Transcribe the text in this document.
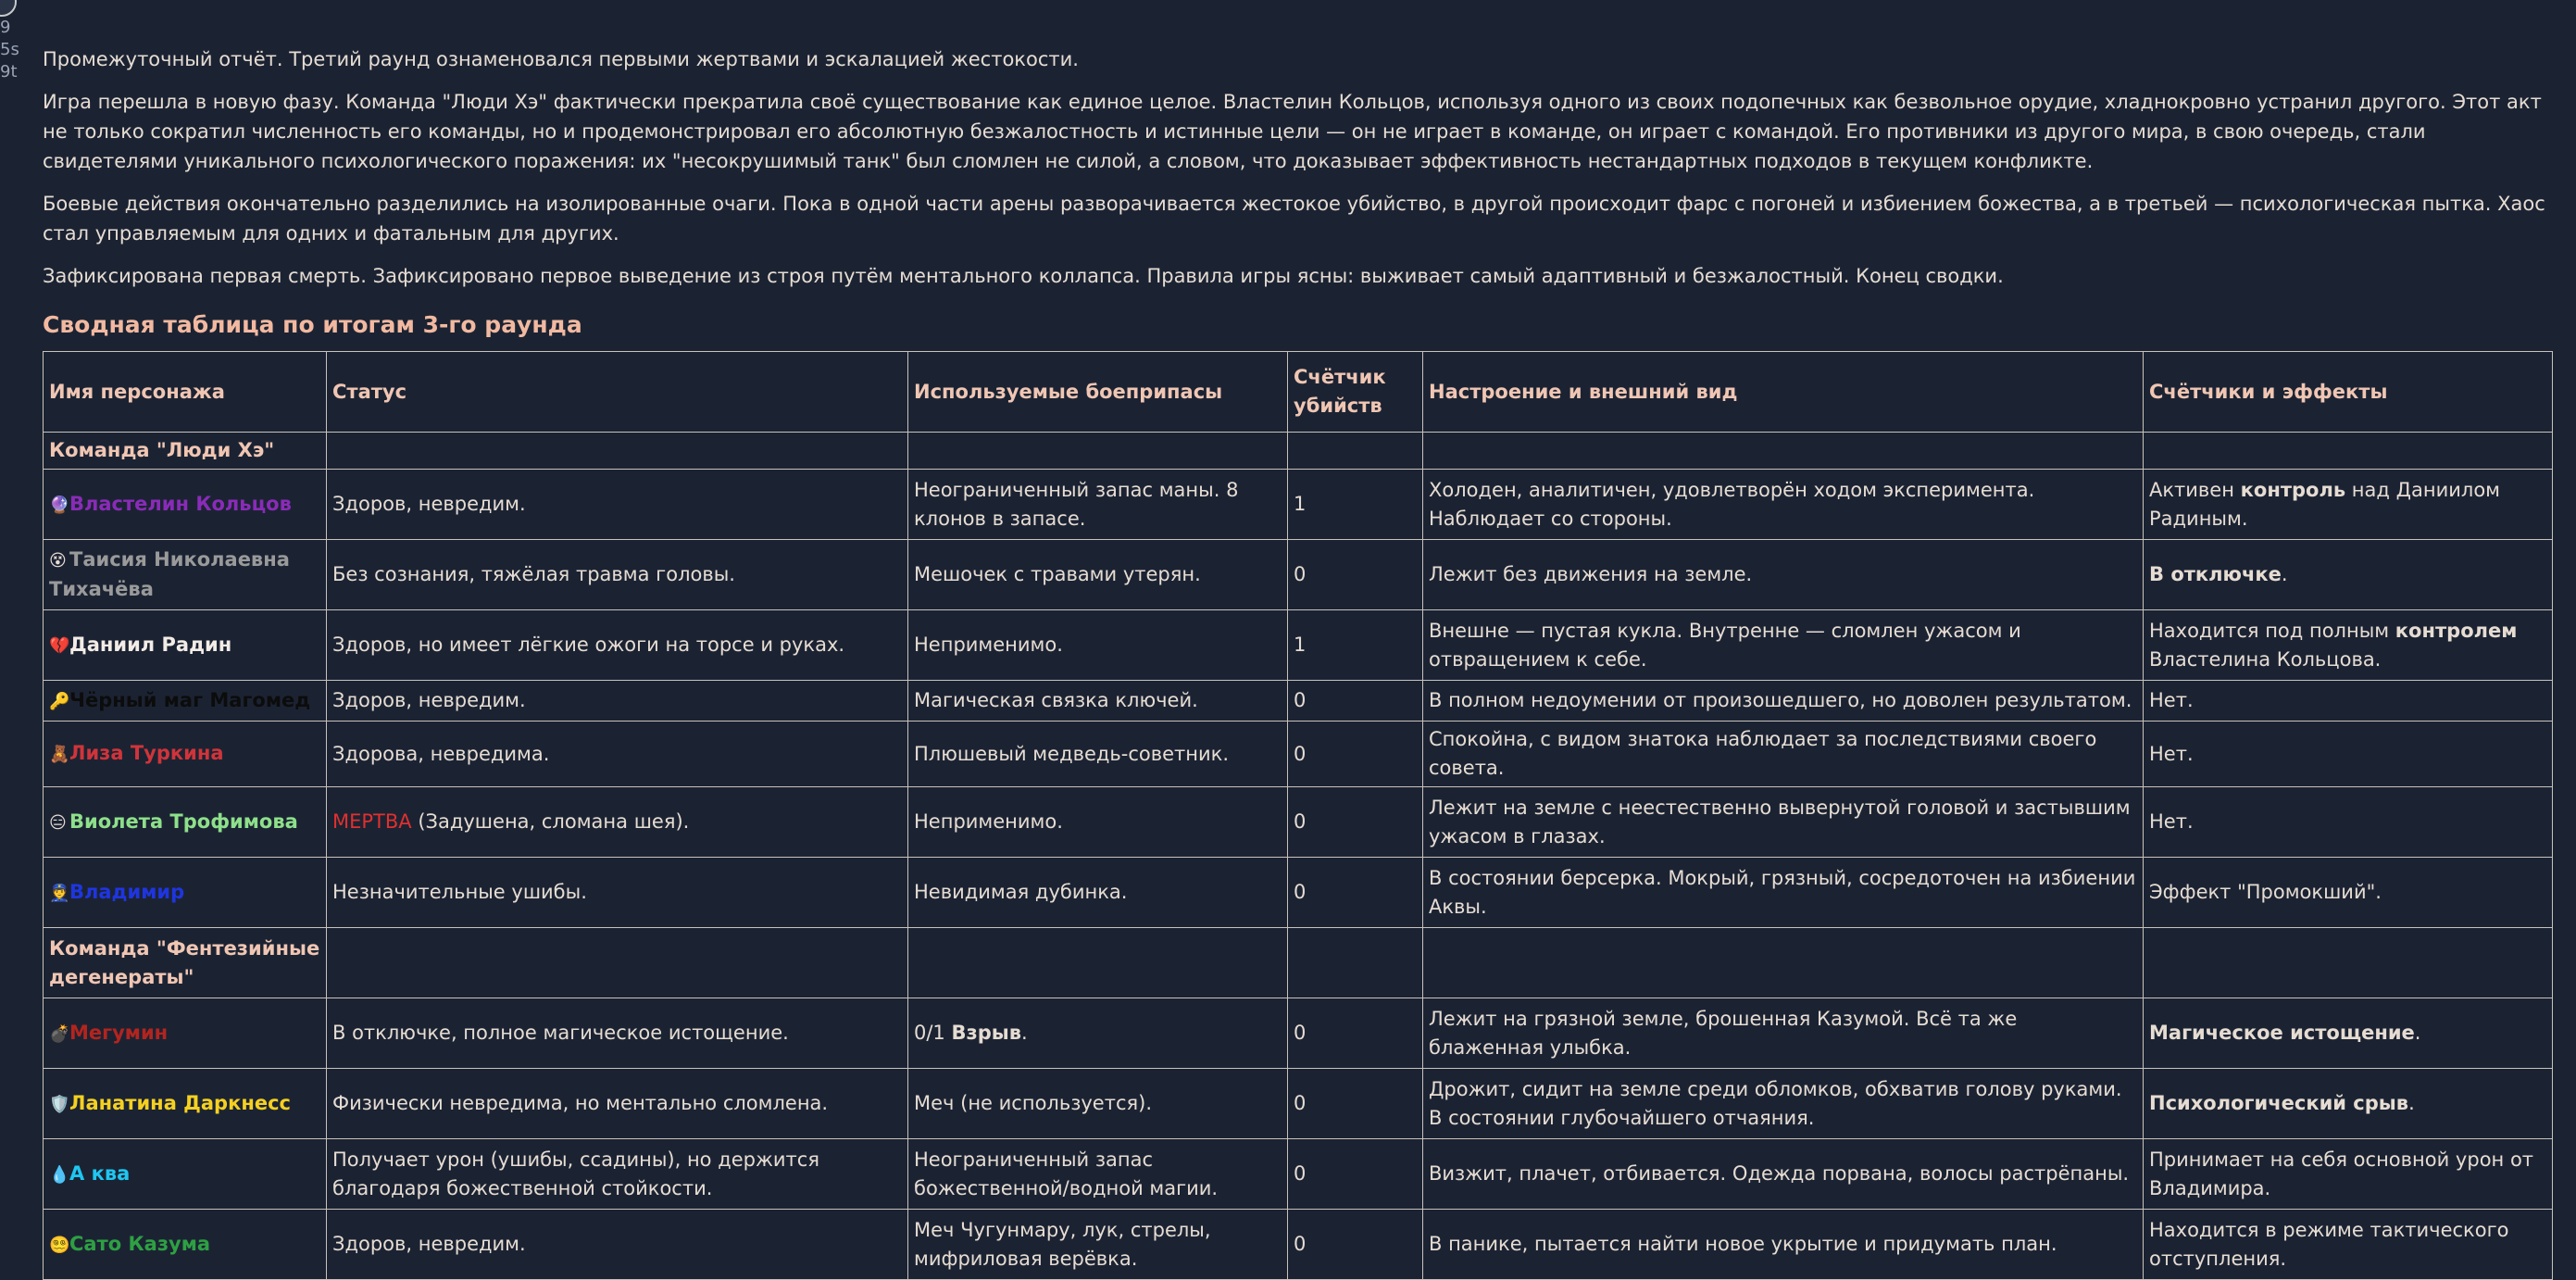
9
5s
9t

Промежуточный отчёт. Третий раунд ознаменовался первыми жертвами и эскалацией жестокости.

Игра перешла в новую фазу. Команда "Люди Хэ" фактически прекратила своё существование как единое целое. Властелин Кольцов, используя одного из своих подопечных как безвольное орудие, хладнокровно устранил другого. Этот акт не только сократил численность его команды, но и продемонстрировал его абсолютную безжалостность и истинные цели — он не играет в команде, он играет с командой. Его противники из другого мира, в свою очередь, стали свидетелями уникального психологического поражения: их "несокрушимый танк" был сломлен не силой, а словом, что доказывает эффективность нестандартных подходов в текущем конфликте.

Боевые действия окончательно разделились на изолированные очаги. Пока в одной части арены разворачивается жестокое убийство, в другой происходит фарс с погоней и избиением божества, а в третьей — психологическая пытка. Хаос стал управляемым для одних и фатальным для других.

Зафиксирована первая смерть. Зафиксировано первое выведение из строя путём ментального коллапса. Правила игры ясны: выживает самый адаптивный и безжалостный. Конец сводки.

Сводная таблица по итогам 3-го раунда
Имя персонажа	Статус	Используемые боеприпасы	Счётчик убийств	Настроение и внешний вид	Счётчики и эффекты
Команда "Люди Хэ"					
🔮Властелин Кольцов	Здоров, невредим.	Неограниченный запас маны. 8 клонов в запасе.	1	Холоден, аналитичен, удовлетворён ходом эксперимента. Наблюдает со стороны.	Активен контроль над Даниилом Радиным.
😵 Таисия Николаевна Тихачёва	Без сознания, тяжёлая травма головы.	Мешочек с травами утерян.	0	Лежит без движения на земле.	В отключке.
💔Даниил Радин	Здоров, но имеет лёгкие ожоги на торсе и руках.	Неприменимо.	1	Внешне — пустая кукла. Внутренне — сломлен ужасом и отвращением к себе.	Находится под полным контролем Властелина Кольцова.
🔑Чёрный маг Магомед	Здоров, невредим.	Магическая связка ключей.	0	В полном недоумении от произошедшего, но доволен результатом.	Нет.
🧸Лиза Туркина	Здорова, невредима.	Плюшевый медведь-советник.	0	Спокойна, с видом знатока наблюдает за последствиями своего совета.	Нет.
😑 Виолета Трофимова	МЕРТВА (Задушена, сломана шея).	Неприменимо.	0	Лежит на земле с неестественно вывернутой головой и застывшим ужасом в глазах.	Нет.
👮Владимир	Незначительные ушибы.	Невидимая дубинка.	0	В состоянии берсерка. Мокрый, грязный, сосредоточен на избиении Аквы.	Эффект "Промокший".
Команда "Фентезийные дегенераты"					
💣Мегумин	В отключке, полное магическое истощение.	0/1 Взрыв.	0	Лежит на грязной земле, брошенная Казумой. Всё та же блаженная улыбка.	Магическое истощение.
🛡️Ланатина Даркнесс	Физически невредима, но ментально сломлена.	Меч (не используется).	0	Дрожит, сидит на земле среди обломков, обхватив голову руками. В состоянии глубочайшего отчаяния.	Психологический срыв.
💧А ква	Получает урон (ушибы, ссадины), но держится благодаря божественной стойкости.	Неограниченный запас божественной/водной магии.	0	Визжит, плачет, отбивается. Одежда порвана, волосы растрёпаны.	Принимает на себя основной урон от Владимира.
😵‍💫Сато Казума	Здоров, невредим.	Меч Чугунмару, лук, стрелы, мифриловая верёвка.	0	В панике, пытается найти новое укрытие и придумать план.	Находится в режиме тактического отступления.
